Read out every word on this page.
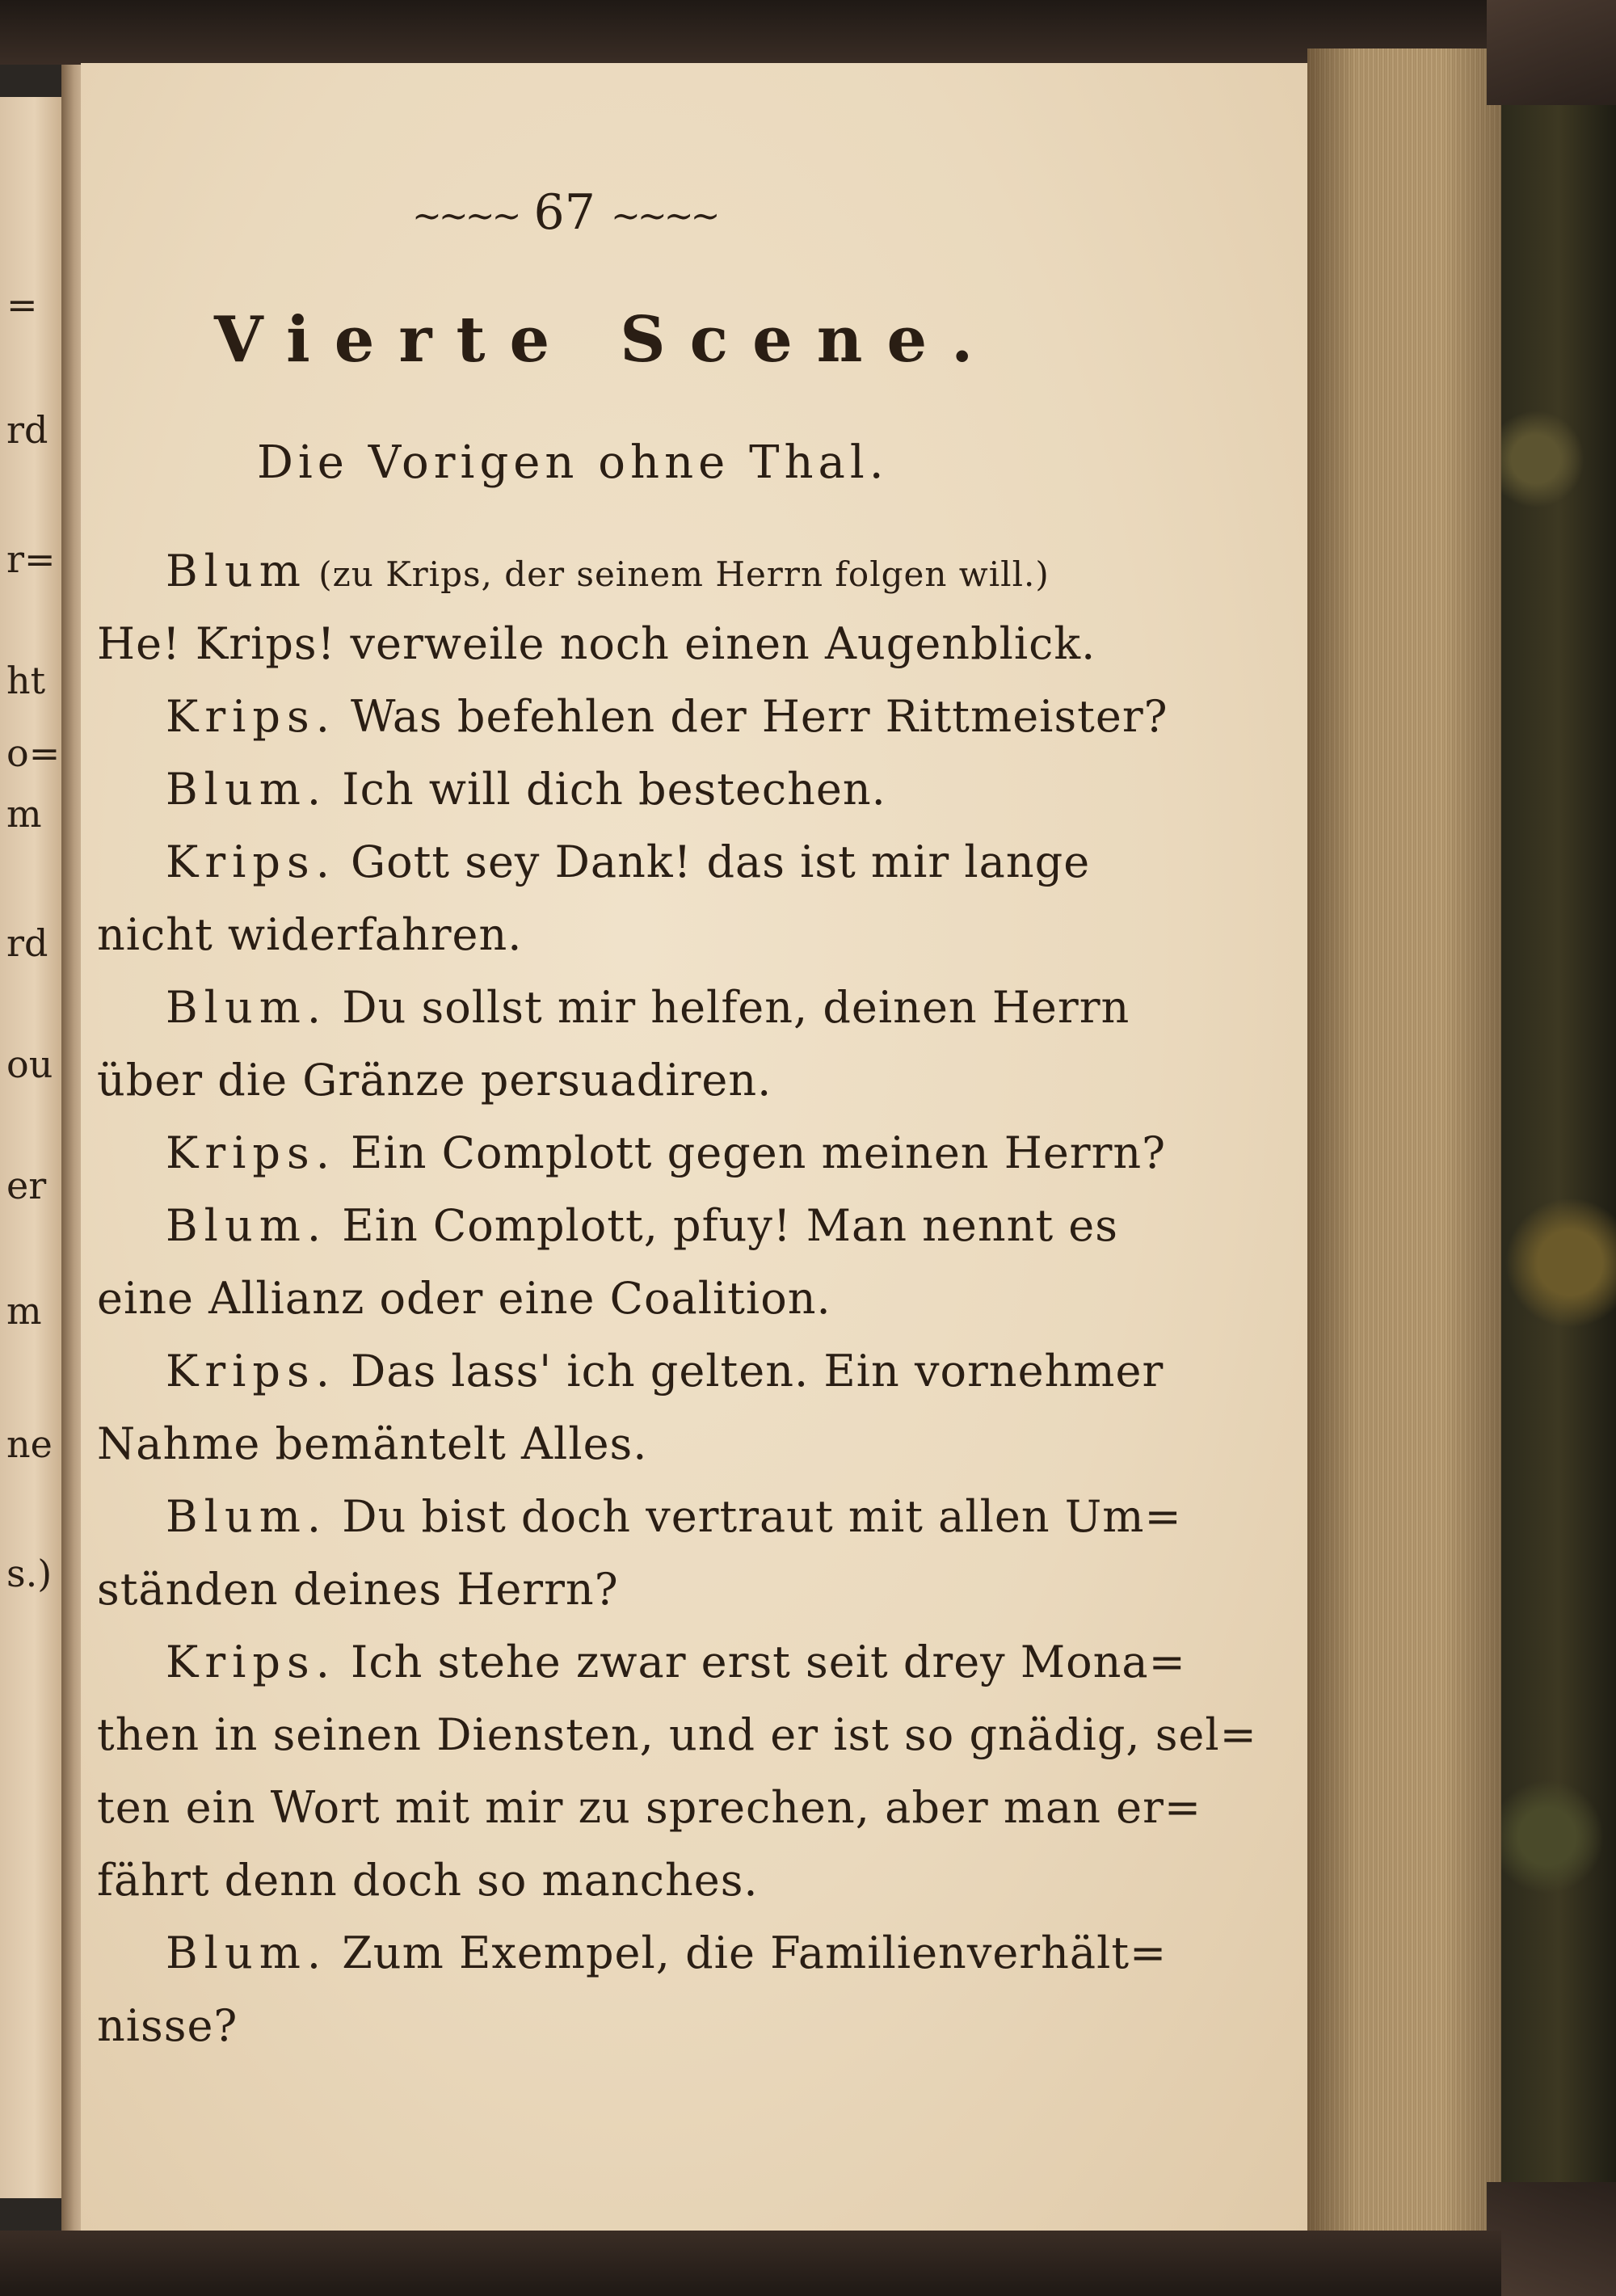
=
rd
r=
ht
o=
m
rd
ou
er
m
ne
s.)
~~~~ 67 ~~~~
Vierte Scene.
Die Vorigen ohne Thal.
Blum (zu Krips, der seinem Herrn folgen will.)
He! Krips! verweile noch einen Augenblick.
Krips. Was befehlen der Herr Rittmeister?
Blum. Ich will dich bestechen.
Krips. Gott sey Dank! das ist mir lange
nicht widerfahren.
Blum. Du sollst mir helfen, deinen Herrn
über die Gränze persuadiren.
Krips. Ein Complott gegen meinen Herrn?
Blum. Ein Complott, pfuy! Man nennt es
eine Allianz oder eine Coalition.
Krips. Das lass' ich gelten. Ein vornehmer
Nahme bemäntelt Alles.
Blum. Du bist doch vertraut mit allen Um=
ständen deines Herrn?
Krips. Ich stehe zwar erst seit drey Mona=
then in seinen Diensten, und er ist so gnädig, sel=
ten ein Wort mit mir zu sprechen, aber man er=
fährt denn doch so manches.
Blum. Zum Exempel, die Familienverhält=
nisse?
